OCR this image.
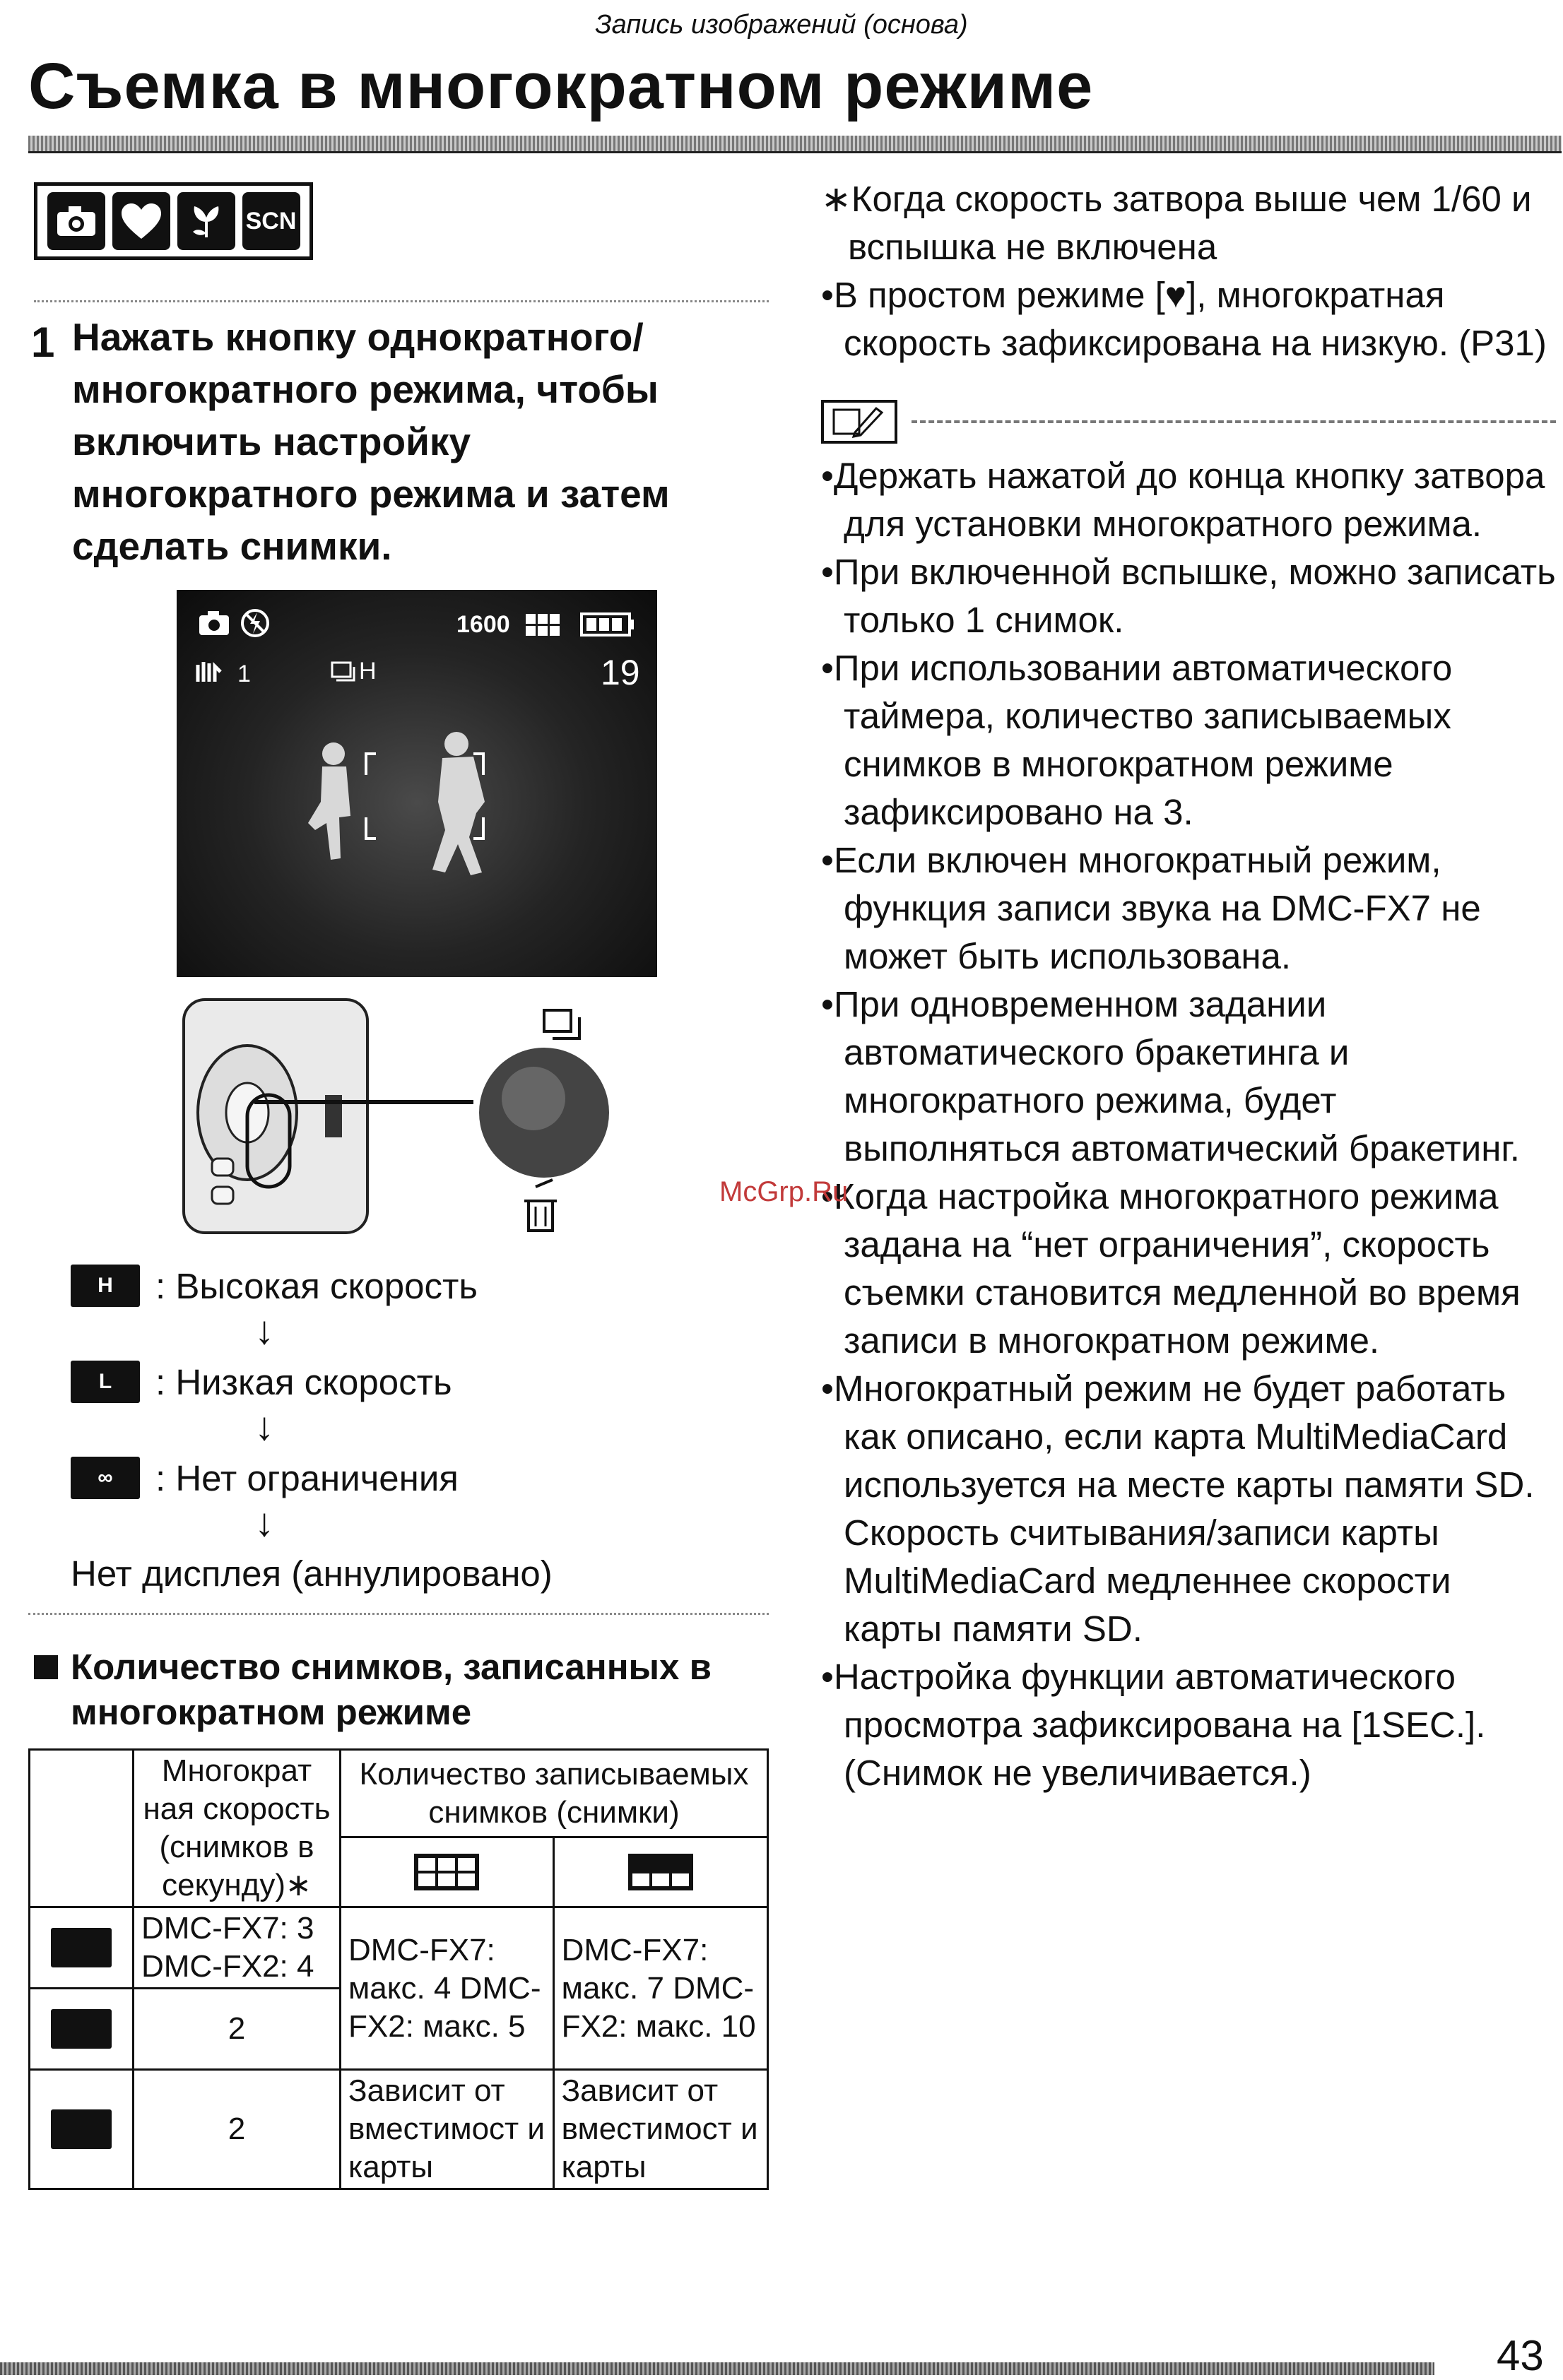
Запись изображений (основа)
Съемка в многократном режиме
SCN
1 Нажать кнопку однократного/
многократного режима, чтобы
включить настройку
многократного режима и затем
сделать снимки.
1600
1	H	19
H : Высокая скорость
↓
L : Низкая скорость
↓
∞ : Нет ограничения
↓
Нет дисплея (аннулировано)
Количество снимков, записанных в многократном режиме
	Многократ ная скорость (снимков в секунду)∗	Количество записываемых снимков (снимки)	

	DMC-FX7: 3 DMC-FX2: 4	DMC-FX7: макс. 4 DMC-FX2: макс. 5	DMC-FX7: макс. 7 DMC-FX2: макс. 10

	2		

	2	Зависит от вместимост и карты	Зависит от вместимост и карты

∗Когда скорость затвора выше чем 1/60 и вспышка не включена

•В простом режиме [♥], многократная скорость зафиксирована на низкую. (P31)

•Держать нажатой до конца кнопку затвора для установки многократного режима.

•При включенной вспышке, можно записать только 1 снимок.

•При использовании автоматического таймера, количество записываемых снимков в многократном режиме зафиксировано на 3.

•Если включен многократный режим, функция записи звука на DMC-FX7 не может быть использована.

•При одновременном задании автоматического бракетинга и многократного режима, будет выполняться автоматический бракетинг.

•Когда настройка многократного режима задана на “нет ограничения”, скорость съемки становится медленной во время записи в многократном режиме.

•Многократный режим не будет работать как описано, если карта MultiMediaCard используется на месте карты памяти SD. Скорость считывания/записи карты MultiMediaCard медленнее скорости карты памяти SD.

•Настройка функции автоматического просмотра зафиксирована на [1SEC.]. (Снимок не увеличивается.)

McGrp.Ru
43
